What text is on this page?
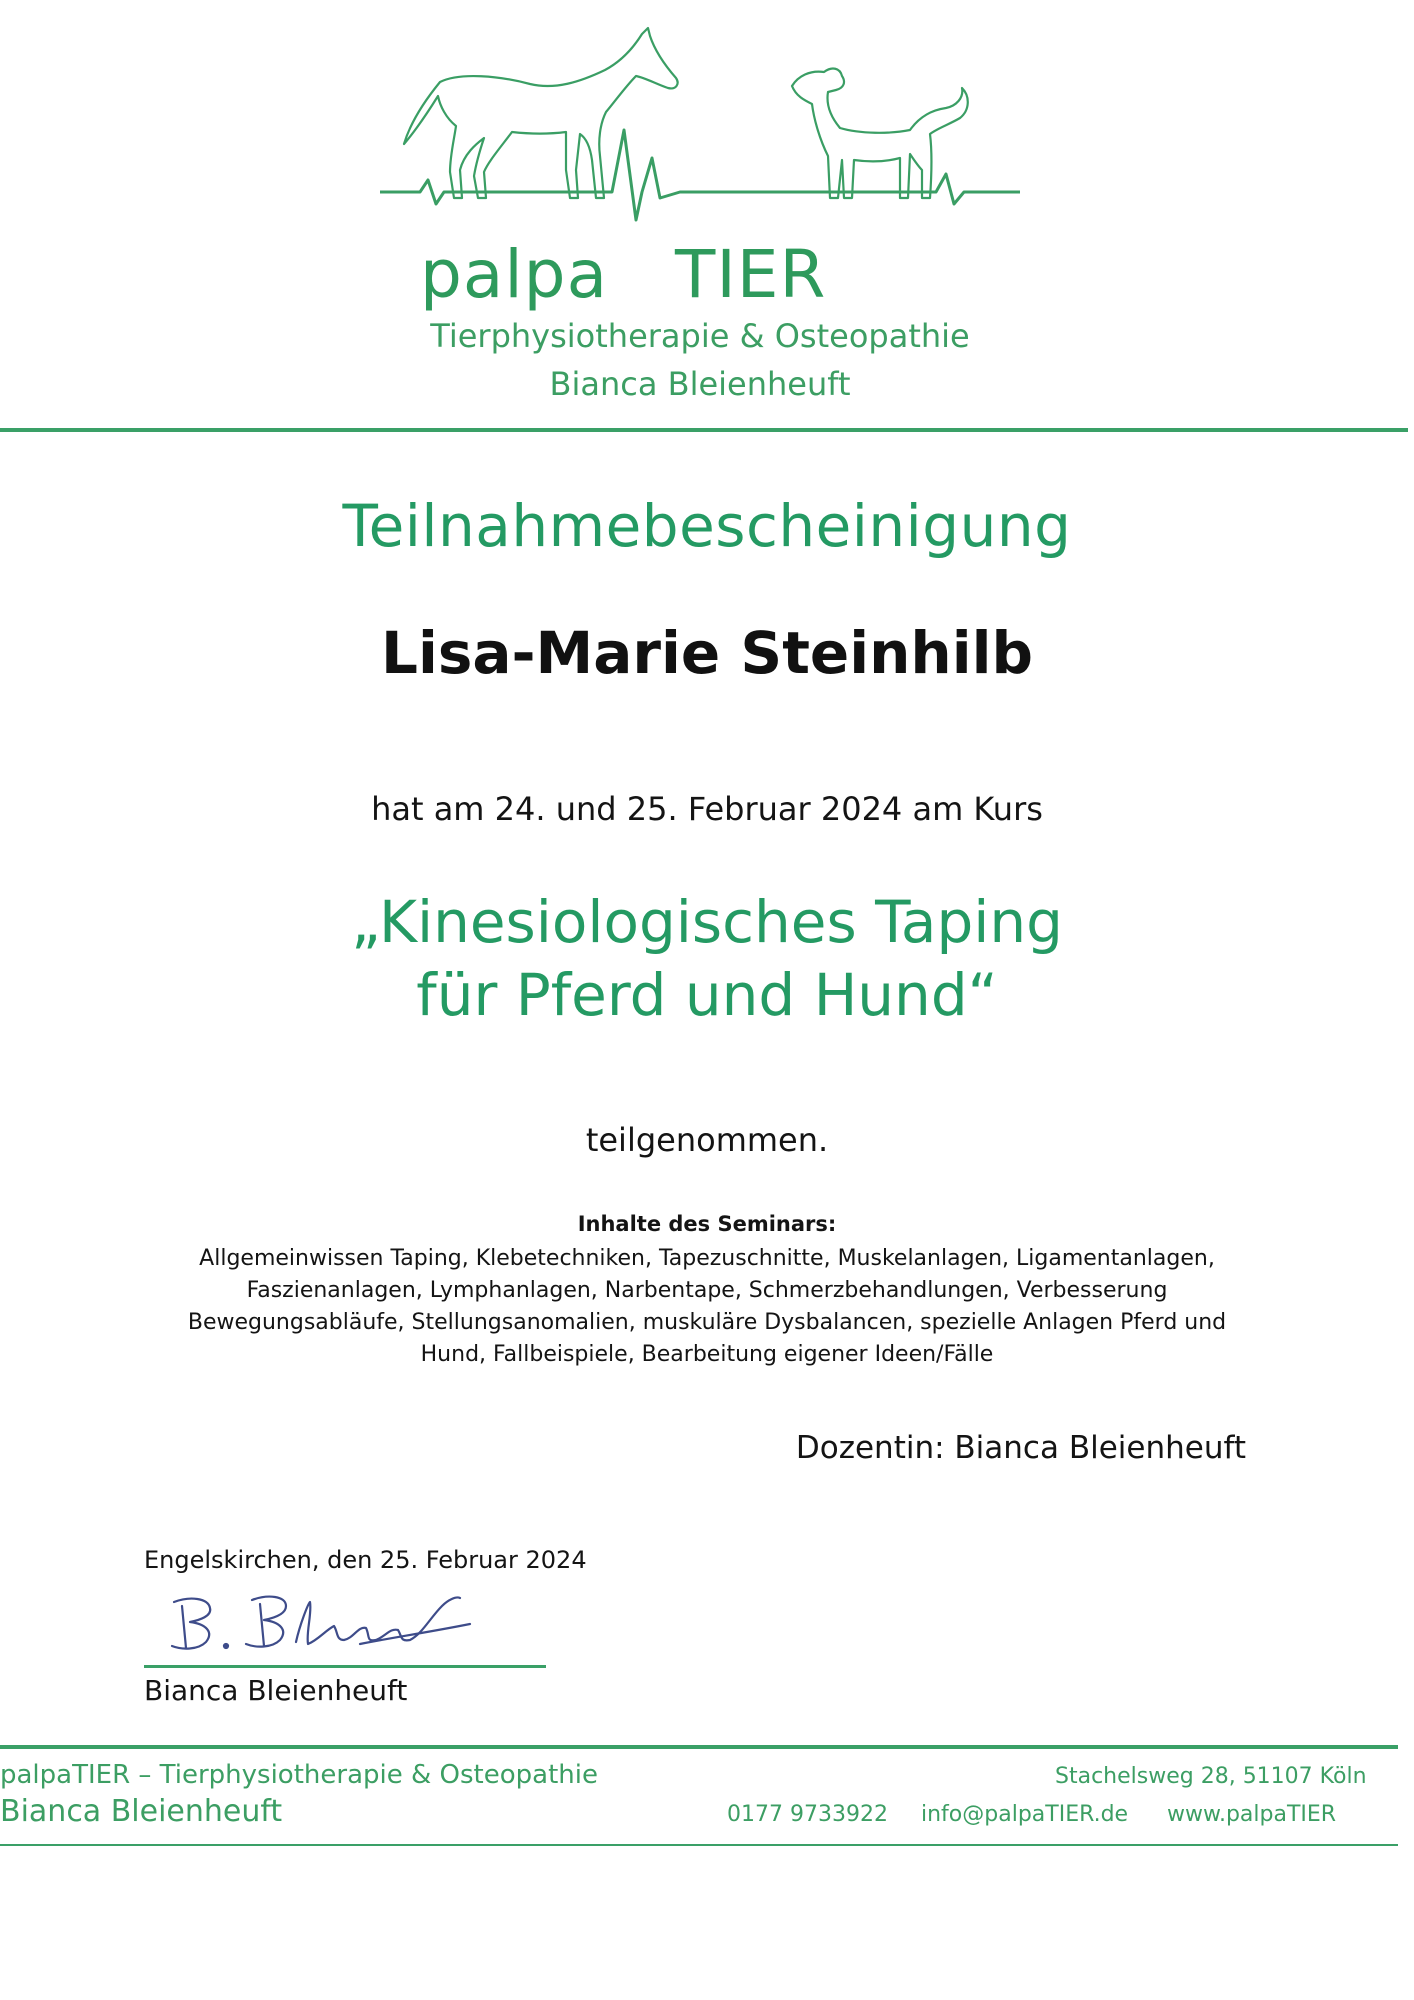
palpa TIER
Tierphysiotherapie & Osteopathie
Bianca Bleienheuft
Teilnahmebescheinigung
Lisa-Marie Steinhilb
hat am 24. und 25. Februar 2024 am Kurs
„Kinesiologisches Taping
für Pferd und Hund“
teilgenommen.
Inhalte des Seminars:
Allgemeinwissen Taping, Klebetechniken, Tapezuschnitte, Muskelanlagen, Ligamentanlagen, Faszienanlagen, Lymphanlagen, Narbentape, Schmerzbehandlungen, Verbesserung Bewegungsabläufe, Stellungsanomalien, muskuläre Dysbalancen, spezielle Anlagen Pferd und Hund, Fallbeispiele, Bearbeitung eigener Ideen/Fälle
Dozentin: Bianca Bleienheuft
Engelskirchen, den 25. Februar 2024
Bianca Bleienheuft
palpaTIER – Tierphysiotherapie & Osteopathie
Bianca Bleienheuft
Stachelsweg 28, 51107 Köln
0177 9733922 info@palpaTIER.de www.palpaTIER
